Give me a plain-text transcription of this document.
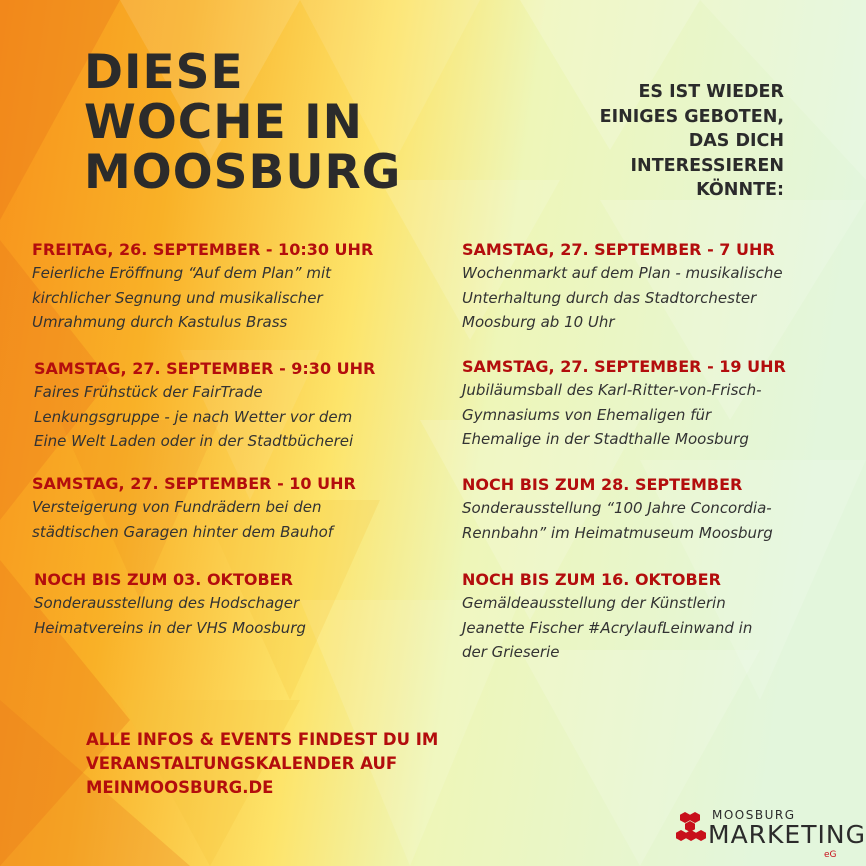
DIESE
WOCHE IN
MOOSBURG
ES IST WIEDER
EINIGES GEBOTEN,
DAS DICH
INTERESSIEREN
KÖNNTE:
FREITAG, 26. SEPTEMBER - 10:30 UHR
Feierliche Eröffnung “Auf dem Plan” mit
kirchlicher Segnung und musikalischer
Umrahmung durch Kastulus Brass
SAMSTAG, 27. SEPTEMBER - 9:30 UHR
Faires Frühstück der FairTrade
Lenkungsgruppe - je nach Wetter vor dem
Eine Welt Laden oder in der Stadtbücherei
SAMSTAG, 27. SEPTEMBER - 10 UHR
Versteigerung von Fundrädern bei den
städtischen Garagen hinter dem Bauhof
NOCH BIS ZUM 03. OKTOBER
Sonderausstellung des Hodschager
Heimatvereins in der VHS Moosburg
SAMSTAG, 27. SEPTEMBER - 7 UHR
Wochenmarkt auf dem Plan - musikalische
Unterhaltung durch das Stadtorchester
Moosburg ab 10 Uhr
SAMSTAG, 27. SEPTEMBER - 19 UHR
Jubiläumsball des Karl-Ritter-von-Frisch-
Gymnasiums von Ehemaligen für
Ehemalige in der Stadthalle Moosburg
NOCH BIS ZUM 28. SEPTEMBER
Sonderausstellung “100 Jahre Concordia-
Rennbahn” im Heimatmuseum Moosburg
NOCH BIS ZUM 16. OKTOBER
Gemäldeausstellung der Künstlerin
Jeanette Fischer #AcrylaufLeinwand in
der Grieserie
ALLE INFOS & EVENTS FINDEST DU IM
VERANSTALTUNGSKALENDER AUF
MEINMOOSBURG.DE
MOOSBURG
MARKETING
eG
